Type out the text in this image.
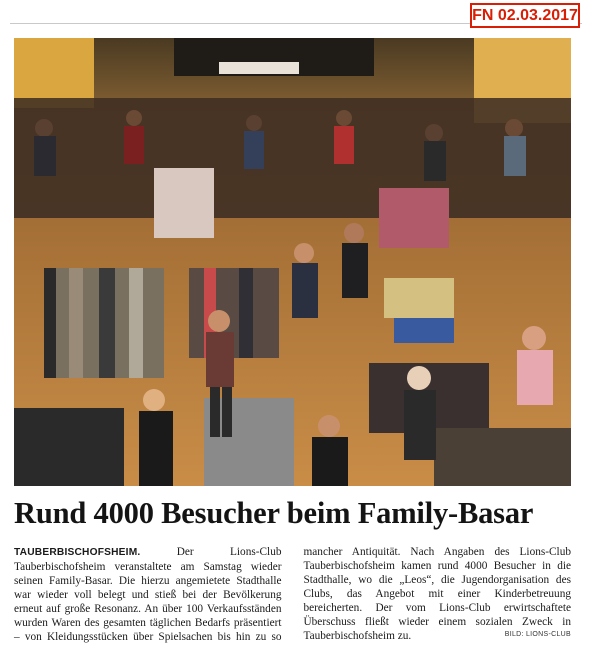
FN 02.03.2017
Rund 4000 Besucher beim Family-Basar
TAUBERBISCHOFSHEIM. Der Lions-Club Tauberbischofsheim veranstaltete am Samstag wieder seinen Family-Basar. Die hierzu angemietete Stadthalle war wieder voll belegt und stieß bei der Bevölkerung erneut auf große Resonanz. An über 100 Verkaufsständen wurden Waren des gesamten täglichen Bedarfs präsentiert – von Kleidungsstücken über Spielsachen bis hin zu so mancher Antiquität. Nach Angaben des Lions-Club Tauberbischofsheim kamen rund 4000 Besucher in die Stadthalle, wo die „Leos“, die Jugendorganisation des Clubs, das Angebot mit einer Kinderbetreuung bereicherten. Der vom Lions-Club erwirtschaftete Überschuss fließt wieder einem sozialen Zweck in Tauberbischofsheim zu.	BILD: LIONS-CLUB
